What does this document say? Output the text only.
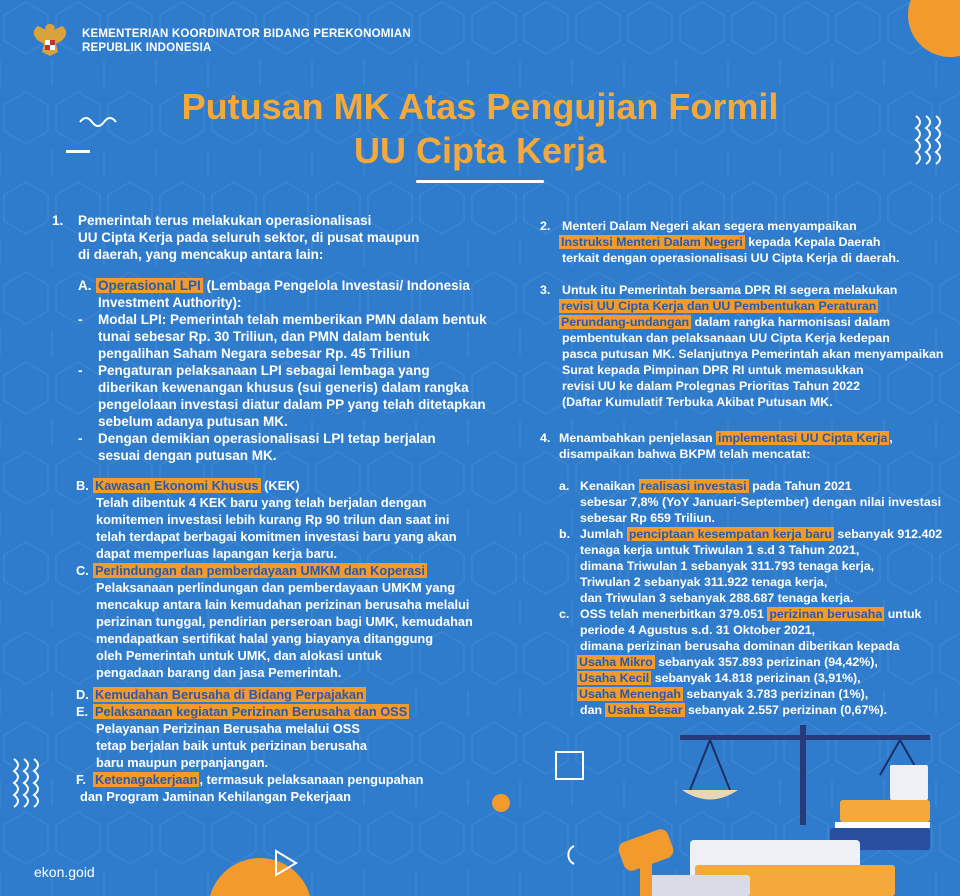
KEMENTERIAN KOORDINATOR BIDANG PEREKONOMIAN
REPUBLIK INDONESIA
Putusan MK Atas Pengujian Formil
UU Cipta Kerja
1. Pemerintah terus melakukan operasionalisasi
UU Cipta Kerja pada seluruh sektor, di pusat maupun
di daerah, yang mencakup antara lain:
A. Operasional LPI (Lembaga Pengelola Investasi/ Indonesia
Investment Authority):
- Modal LPI: Pemerintah telah memberikan PMN dalam bentuk
tunai sebesar Rp. 30 Triliun, dan PMN dalam bentuk
pengalihan Saham Negara sebesar Rp. 45 Triliun
- Pengaturan pelaksanaan LPI sebagai lembaga yang
diberikan kewenangan khusus (sui generis) dalam rangka
pengelolaan investasi diatur dalam PP yang telah ditetapkan
sebelum adanya putusan MK.
- Dengan demikian operasionalisasi LPI tetap berjalan
sesuai dengan putusan MK.
B. Kawasan Ekonomi Khusus (KEK)
Telah dibentuk 4 KEK baru yang telah berjalan dengan
komitemen investasi lebih kurang Rp 90 trilun dan saat ini
telah terdapat berbagai komitmen investasi baru yang akan
dapat memperluas lapangan kerja baru.
C. Perlindungan dan pemberdayaan UMKM dan Koperasi
Pelaksanaan perlindungan dan pemberdayaan UMKM yang
mencakup antara lain kemudahan perizinan berusaha melalui
perizinan tunggal, pendirian perseroan bagi UMK, kemudahan
mendapatkan sertifikat halal yang biayanya ditanggung
oleh Pemerintah untuk UMK, dan alokasi untuk
pengadaan barang dan jasa Pemerintah.
D. Kemudahan Berusaha di Bidang Perpajakan
E. Pelaksanaan kegiatan Perizinan Berusaha dan OSS
Pelayanan Perizinan Berusaha melalui OSS
tetap berjalan baik untuk perizinan berusaha
baru maupun perpanjangan.
F. Ketenagakerjaan , termasuk pelaksanaan pengupahan
dan Program Jaminan Kehilangan Pekerjaan
2. Menteri Dalam Negeri akan segera menyampaikan
Instruksi Menteri Dalam Negeri kepada Kepala Daerah
terkait dengan operasionalisasi UU Cipta Kerja di daerah.
3. Untuk itu Pemerintah bersama DPR RI segera melakukan
revisi UU Cipta Kerja dan UU Pembentukan Peraturan
Perundang-undangan dalam rangka harmonisasi dalam
pembentukan dan pelaksanaan UU Cipta Kerja kedepan
pasca putusan MK. Selanjutnya Pemerintah akan menyampaikan
Surat kepada Pimpinan DPR RI untuk memasukkan
revisi UU ke dalam Prolegnas Prioritas Tahun 2022
(Daftar Kumulatif Terbuka Akibat Putusan MK.
4. Menambahkan penjelasan implementasi UU Cipta Kerja ,
disampaikan bahwa BKPM telah mencatat:
a. Kenaikan realisasi investasi pada Tahun 2021
sebesar 7,8% (YoY Januari-September) dengan nilai investasi
sebesar Rp 659 Triliun.
b. Jumlah penciptaan kesempatan kerja baru sebanyak 912.402
tenaga kerja untuk Triwulan 1 s.d 3 Tahun 2021,
dimana Triwulan 1 sebanyak 311.793 tenaga kerja,
Triwulan 2 sebanyak 311.922 tenaga kerja,
dan Triwulan 3 sebanyak 288.687 tenaga kerja.
c. OSS telah menerbitkan 379.051 perizinan berusaha untuk
periode 4 Agustus s.d. 31 Oktober 2021,
dimana perizinan berusaha dominan diberikan kepada
Usaha Mikro sebanyak 357.893 perizinan (94,42%),
Usaha Kecil sebanyak 14.818 perizinan (3,91%),
Usaha Menengah sebanyak 3.783 perizinan (1%),
dan Usaha Besar sebanyak 2.557 perizinan (0,67%).
ekon.goid
